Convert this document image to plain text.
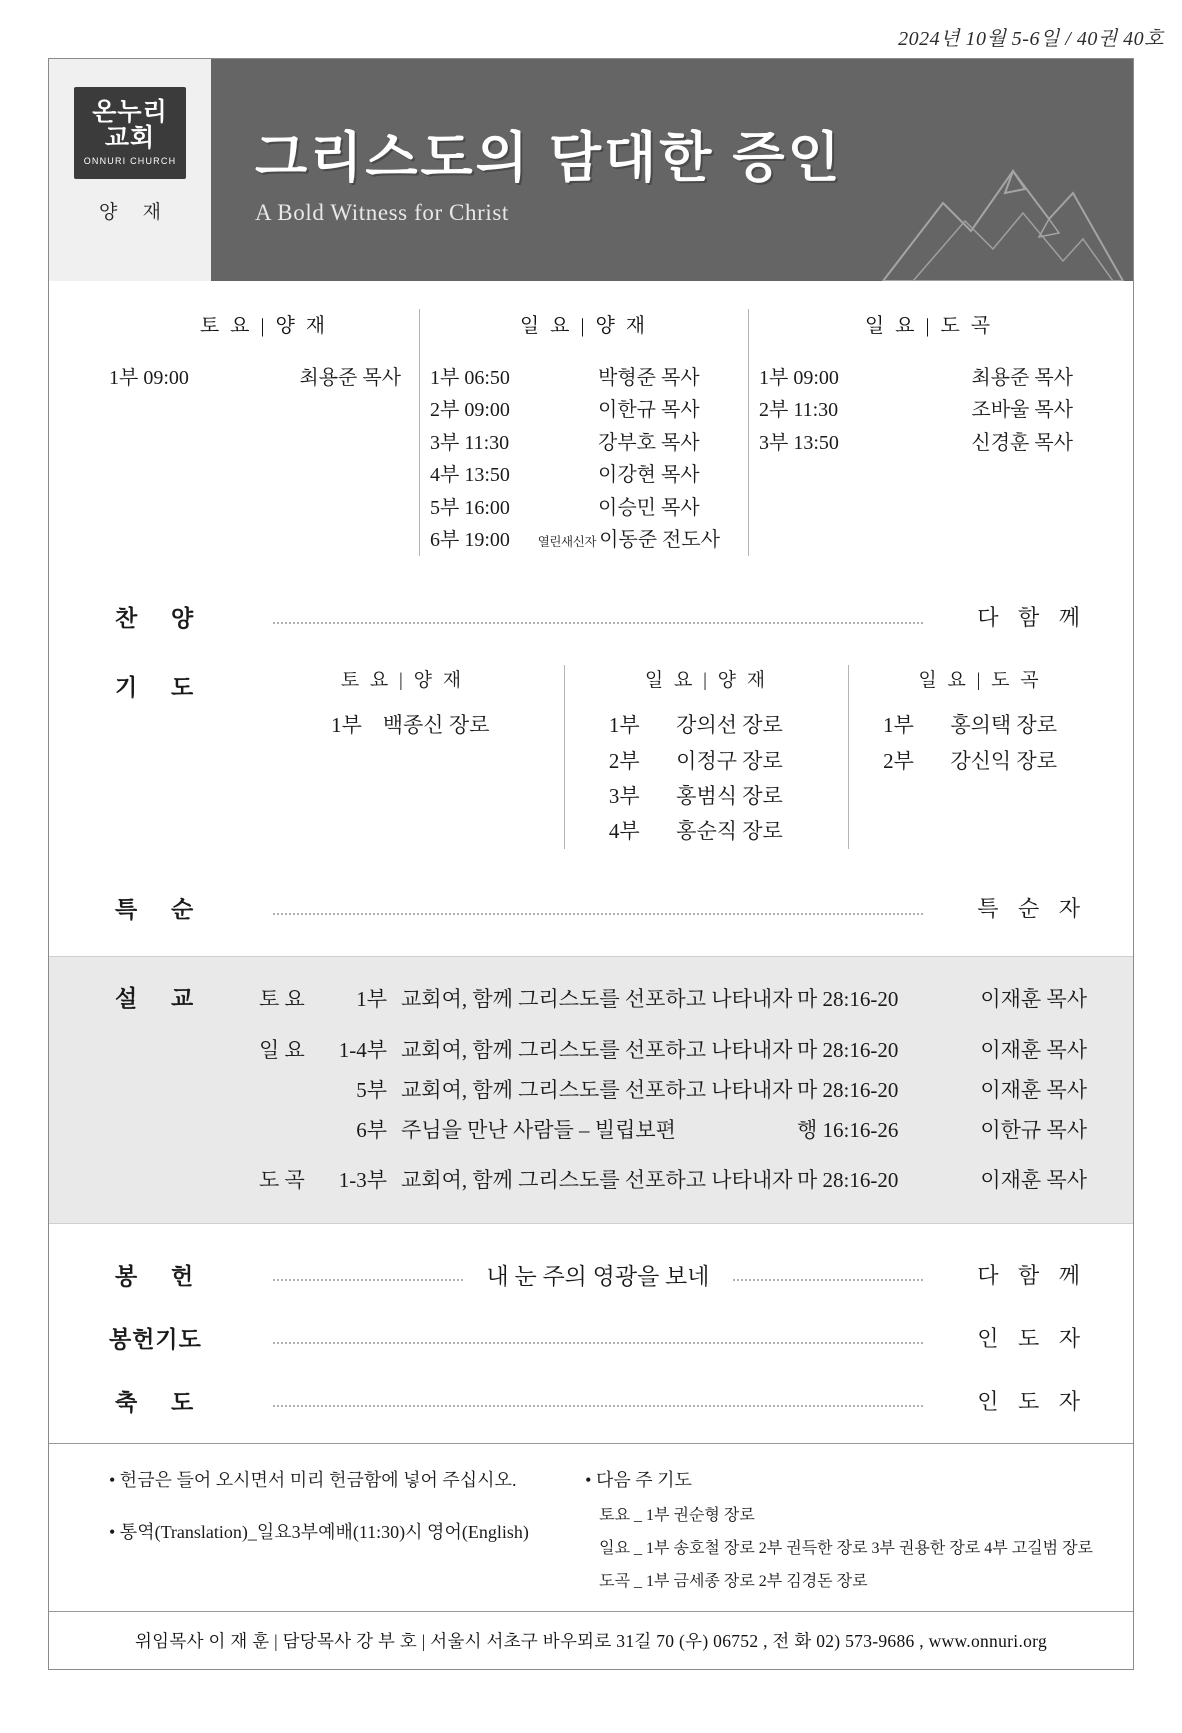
2024년 10월 5-6일 / 40권 40호
온누리
교회
ONNURI CHURCH
양 재
그리스도의 담대한 증인
A Bold Witness for Christ
토 요 | 양 재
1부 09:00	최용준 목사
일 요 | 양 재
1부 06:50	박형준 목사
2부 09:00	이한규 목사
3부 11:30	강부호 목사
4부 13:50	이강현 목사
5부 16:00	이승민 목사
6부 19:00	열린새신자 이동준 전도사
일 요 | 도 곡
1부 09:00	최용준 목사
2부 11:30	조바울 목사
3부 13:50	신경훈 목사
찬 양	다 함 께
기 도	토 요 | 양 재
1부 백종신 장로
일 요 | 양 재
1부 강의선 장로
2부 이정구 장로
3부 홍범식 장로
4부 홍순직 장로
일 요 | 도 곡
1부 홍의택 장로
2부 강신익 장로
특 순	특 순 자
설 교	토 요	1부 교회여, 함께 그리스도를 선포하고 나타내자 마 28:16-20	이재훈 목사
일 요	1-4부 교회여, 함께 그리스도를 선포하고 나타내자 마 28:16-20	이재훈 목사
5부 교회여, 함께 그리스도를 선포하고 나타내자 마 28:16-20	이재훈 목사
6부 주님을 만난 사람들 – 빌립보편	행 16:16-26	이한규 목사
도 곡	1-3부 교회여, 함께 그리스도를 선포하고 나타내자 마 28:16-20	이재훈 목사
봉 헌	내 눈 주의 영광을 보네	다 함 께
봉헌기도	인 도 자
축 도	인 도 자
• 헌금은 들어 오시면서 미리 헌금함에 넣어 주십시오.
• 통역(Translation)_일요3부예배(11:30)시 영어(English)
• 다음 주 기도
토요 _ 1부 권순형 장로
일요 _ 1부 송호철 장로 2부 권득한 장로 3부 권용한 장로 4부 고길범 장로
도곡 _ 1부 금세종 장로 2부 김경돈 장로
위임목사 이 재 훈 | 담당목사 강 부 호 | 서울시 서초구 바우뫼로 31길 70 (우) 06752 , 전 화 02) 573-9686 , www.onnuri.org
